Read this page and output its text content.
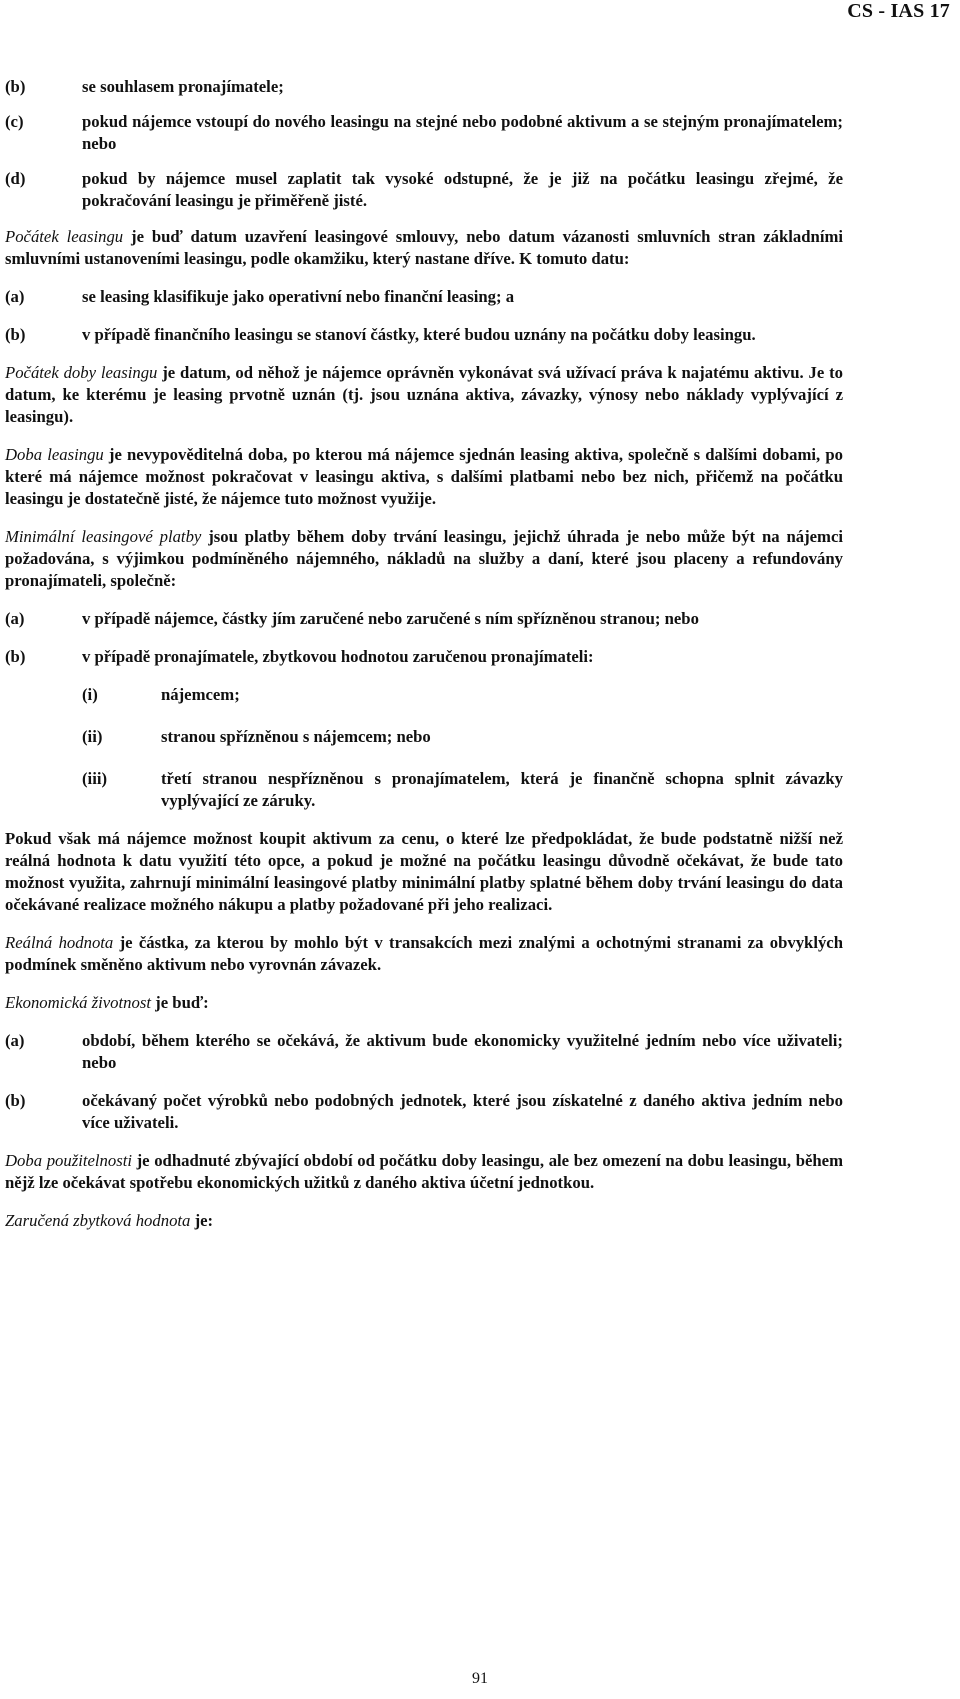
CS - IAS 17
(b)	se souhlasem pronajímatele;
(c)	pokud nájemce vstoupí do nového leasingu na stejné nebo podobné aktivum a se stejným pronajímatelem; nebo
(d)	pokud by nájemce musel zaplatit tak vysoké odstupné, že je již na počátku leasingu zřejmé, že pokračování leasingu je přiměřeně jisté.
Počátek leasingu je buď datum uzavření leasingové smlouvy, nebo datum vázanosti smluvních stran základními smluvními ustanoveními leasingu, podle okamžiku, který nastane dříve. K tomuto datu:
(a)	se leasing klasifikuje jako operativní nebo finanční leasing; a
(b)	v případě finančního leasingu se stanoví částky, které budou uznány na počátku doby leasingu.
Počátek doby leasingu je datum, od něhož je nájemce oprávněn vykonávat svá užívací práva k najatému aktivu. Je to datum, ke kterému je leasing prvotně uznán (tj. jsou uznána aktiva, závazky, výnosy nebo náklady vyplývající z leasingu).
Doba leasingu je nevypověditelná doba, po kterou má nájemce sjednán leasing aktiva, společně s dalšími dobami, po které má nájemce možnost pokračovat v leasingu aktiva, s dalšími platbami nebo bez nich, přičemž na počátku leasingu je dostatečně jisté, že nájemce tuto možnost využije.
Minimální leasingové platby jsou platby během doby trvání leasingu, jejichž úhrada je nebo může být na nájemci požadována, s výjimkou podmíněného nájemného, nákladů na služby a daní, které jsou placeny a refundovány pronajímateli, společně:
(a)	v případě nájemce, částky jím zaručené nebo zaručené s ním spřízněnou stranou; nebo
(b)	v případě pronajímatele, zbytkovou hodnotou zaručenou pronajímateli:
(i)	nájemcem;
(ii)	stranou spřízněnou s nájemcem; nebo
(iii)	třetí stranou nespřízněnou s pronajímatelem, která je finančně schopna splnit závazky vyplývající ze záruky.
Pokud však má nájemce možnost koupit aktivum za cenu, o které lze předpokládat, že bude podstatně nižší než reálná hodnota k datu využití této opce, a pokud je možné na počátku leasingu důvodně očekávat, že bude tato možnost využita, zahrnují minimální leasingové platby minimální platby splatné během doby trvání leasingu do data očekávané realizace možného nákupu a platby požadované při jeho realizaci.
Reálná hodnota je částka, za kterou by mohlo být v transakcích mezi znalými a ochotnými stranami za obvyklých podmínek směněno aktivum nebo vyrovnán závazek.
Ekonomická životnost je buď:
(a)	období, během kterého se očekává, že aktivum bude ekonomicky využitelné jedním nebo více uživateli; nebo
(b)	očekávaný počet výrobků nebo podobných jednotek, které jsou získatelné z daného aktiva jedním nebo více uživateli.
Doba použitelnosti je odhadnuté zbývající období od počátku doby leasingu, ale bez omezení na dobu leasingu, během nějž lze očekávat spotřebu ekonomických užitků z daného aktiva účetní jednotkou.
Zaručená zbytková hodnota je:
91
